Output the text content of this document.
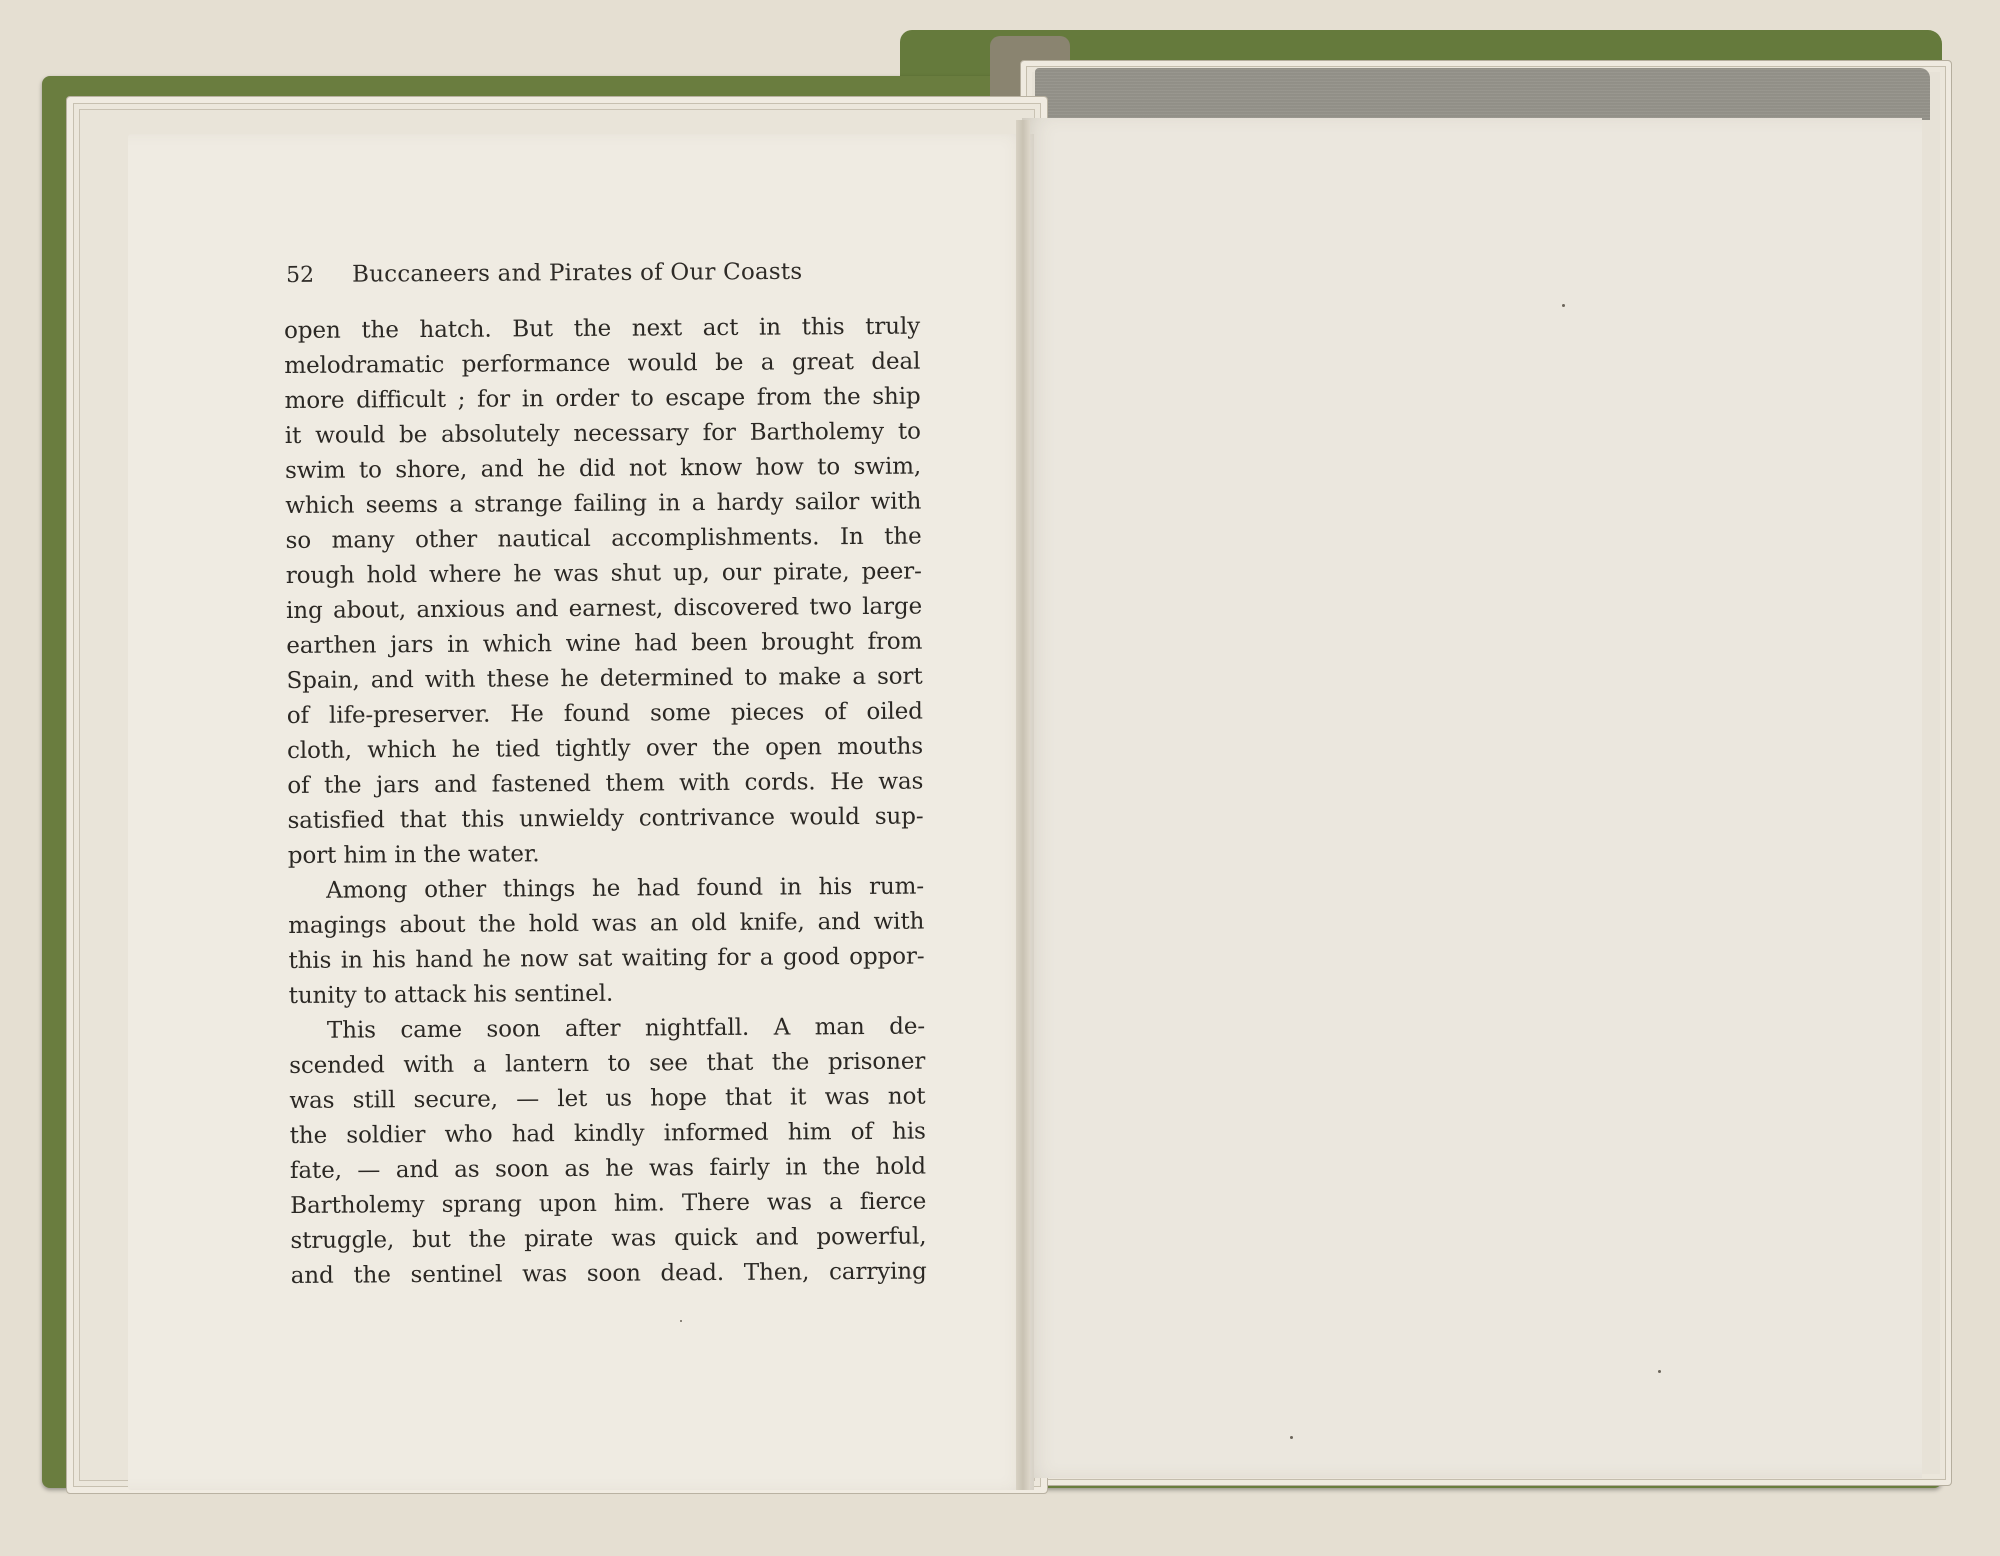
52 Buccaneers and Pirates of Our Coasts
open the hatch. But the next act in this truly
melodramatic performance would be a great deal
more difficult ; for in order to escape from the ship
it would be absolutely necessary for Bartholemy to
swim to shore, and he did not know how to swim,
which seems a strange failing in a hardy sailor with
so many other nautical accomplishments. In the
rough hold where he was shut up, our pirate, peer-
ing about, anxious and earnest, discovered two large
earthen jars in which wine had been brought from
Spain, and with these he determined to make a sort
of life-preserver. He found some pieces of oiled
cloth, which he tied tightly over the open mouths
of the jars and fastened them with cords. He was
satisfied that this unwieldy contrivance would sup-
port him in the water.
Among other things he had found in his rum-
magings about the hold was an old knife, and with
this in his hand he now sat waiting for a good oppor-
tunity to attack his sentinel.
This came soon after nightfall. A man de-
scended with a lantern to see that the prisoner
was still secure, — let us hope that it was not
the soldier who had kindly informed him of his
fate, — and as soon as he was fairly in the hold
Bartholemy sprang upon him. There was a fierce
struggle, but the pirate was quick and powerful,
and the sentinel was soon dead. Then, carrying
